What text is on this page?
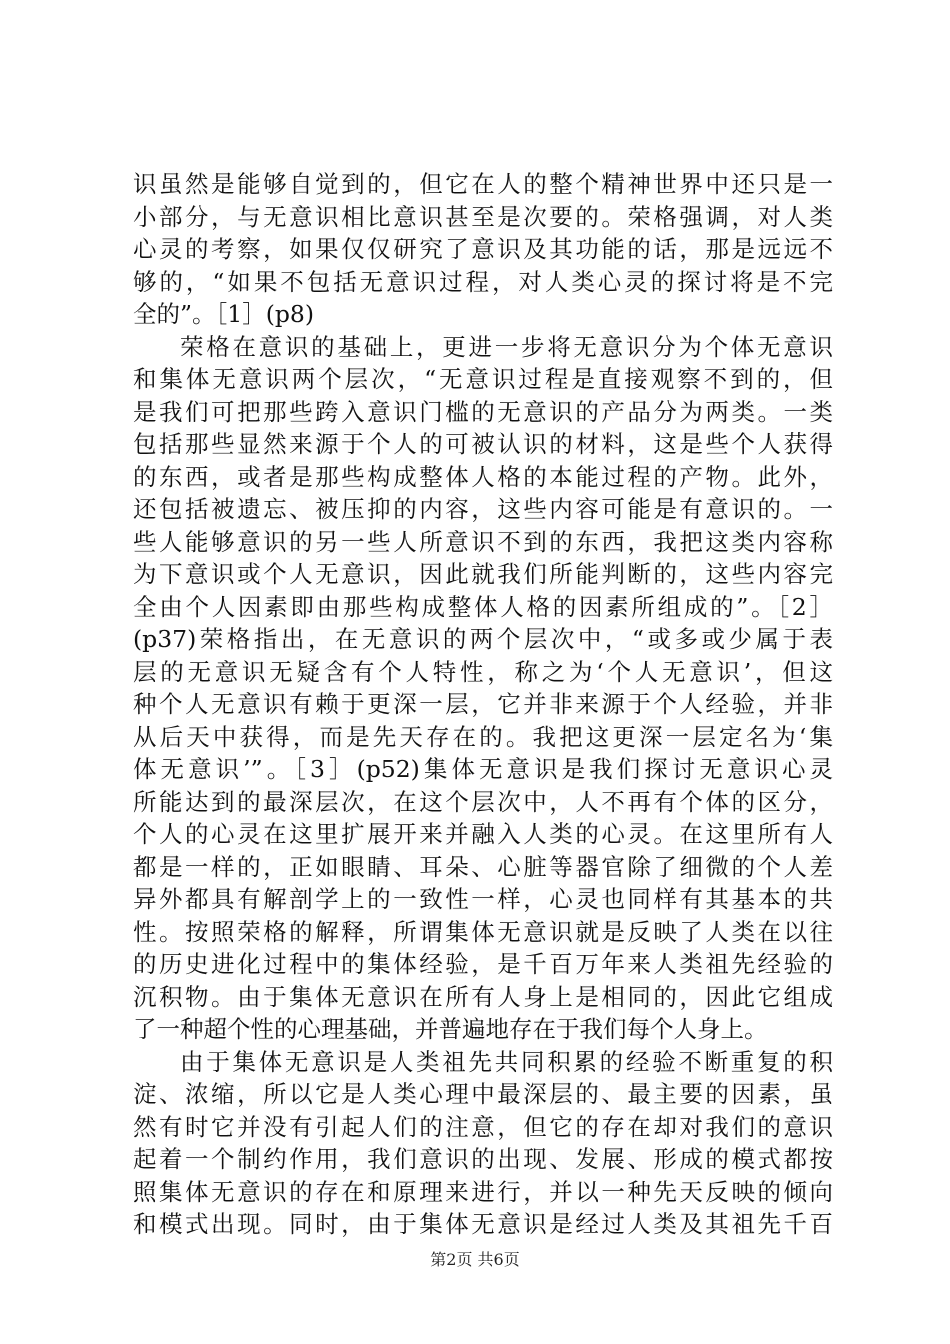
识虽然是能够自觉到的，但它在人的整个精神世界中还只是一
小部分，与无意识相比意识甚至是次要的。荣格强调，对人类
心灵的考察，如果仅仅研究了意识及其功能的话，那是远远不
够的，“如果不包括无意识过程，对人类心灵的探讨将是不完
全的”。［1］(p8)
荣格在意识的基础上，更进一步将无意识分为个体无意识
和集体无意识两个层次，“无意识过程是直接观察不到的，但
是我们可把那些跨入意识门槛的无意识的产品分为两类。一类
包括那些显然来源于个人的可被认识的材料，这是些个人获得
的东西，或者是那些构成整体人格的本能过程的产物。此外，
还包括被遗忘、被压抑的内容，这些内容可能是有意识的。一
些人能够意识的另一些人所意识不到的东西，我把这类内容称
为下意识或个人无意识，因此就我们所能判断的，这些内容完
全由个人因素即由那些构成整体人格的因素所组成的”。［2］
(p37)荣格指出，在无意识的两个层次中，“或多或少属于表
层的无意识无疑含有个人特性，称之为‘个人无意识’，但这
种个人无意识有赖于更深一层，它并非来源于个人经验，并非
从后天中获得，而是先天存在的。我把这更深一层定名为‘集
体无意识’”。［3］(p52)集体无意识是我们探讨无意识心灵
所能达到的最深层次，在这个层次中，人不再有个体的区分，
个人的心灵在这里扩展开来并融入人类的心灵。在这里所有人
都是一样的，正如眼睛、耳朵、心脏等器官除了细微的个人差
异外都具有解剖学上的一致性一样，心灵也同样有其基本的共
性。按照荣格的解释，所谓集体无意识就是反映了人类在以往
的历史进化过程中的集体经验，是千百万年来人类祖先经验的
沉积物。由于集体无意识在所有人身上是相同的，因此它组成
了一种超个性的心理基础，并普遍地存在于我们每个人身上。
由于集体无意识是人类祖先共同积累的经验不断重复的积
淀、浓缩，所以它是人类心理中最深层的、最主要的因素，虽
然有时它并没有引起人们的注意，但它的存在却对我们的意识
起着一个制约作用，我们意识的出现、发展、形成的模式都按
照集体无意识的存在和原理来进行，并以一种先天反映的倾向
和模式出现。同时，由于集体无意识是经过人类及其祖先千百
第2页 共6页
